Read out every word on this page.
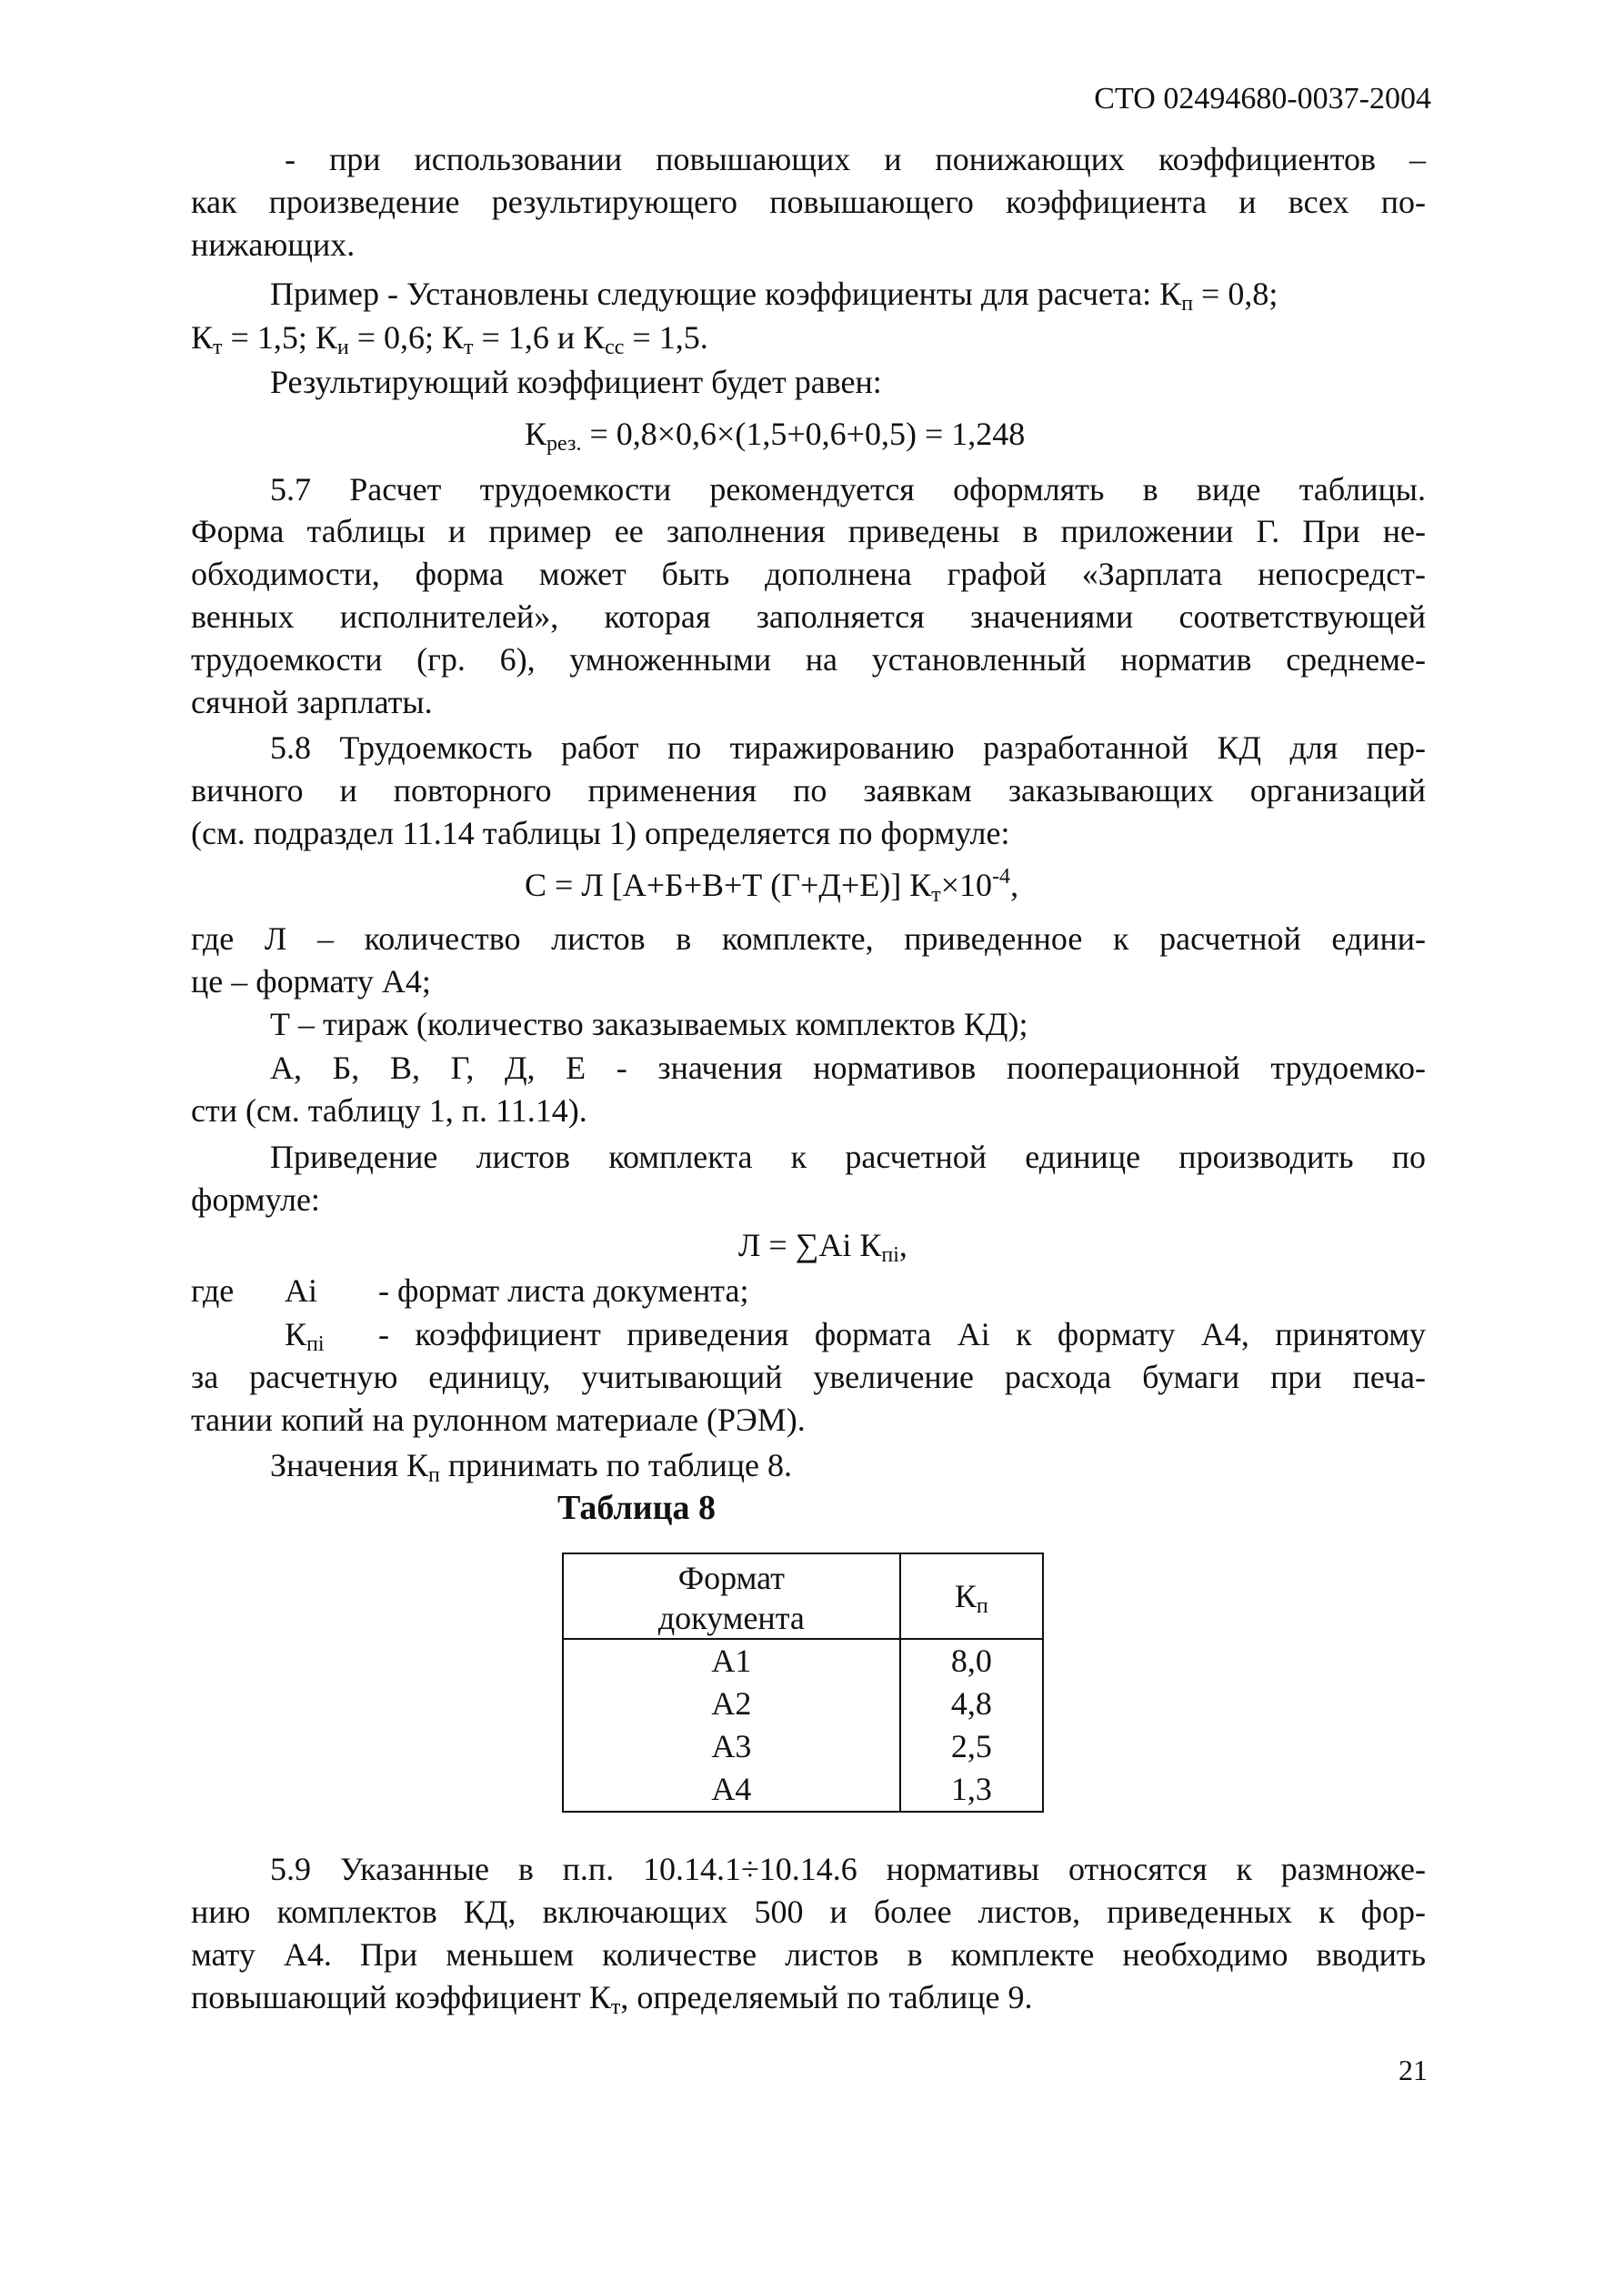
СТО 02494680-0037-2004
- при использовании повышающих и понижающих коэффициентов –
как произведение результирующего повышающего коэффициента и всех по-
нижающих.
Пример - Установлены следующие коэффициенты для расчета: $К_п = 0,8$;
$К_т = 1,5$; $К_и = 0,6$; $К_т = 1,6$ и $К_{сс} = 1,5$.
Результирующий коэффициент будет равен:
$К_{рез.} = 0,8\times 0,6\times(1,5+0,6+0,5) = 1,248$
5.7 Расчет трудоемкости рекомендуется оформлять в виде таблицы.
Форма таблицы и пример ее заполнения приведены в приложении Г. При не-
обходимости, форма может быть дополнена графой «Зарплата непосредст-
венных исполнителей», которая заполняется значениями соответствующей
трудоемкости (гр. 6), умноженными на установленный норматив среднеме-
сячной зарплаты.
5.8 Трудоемкость работ по тиражированию разработанной КД для пер-
вичного и повторного применения по заявкам заказывающих организаций
(см. подраздел 11.14 таблицы 1) определяется по формуле:
С = Л [А+Б+В+Т (Г+Д+Е)] $К_т\times 10^{-4}$,
где Л – количество листов в комплекте, приведенное к расчетной едини-
це – формату А4;
Т – тираж (количество заказываемых комплектов КД);
А, Б, В, Г, Д, Е - значения нормативов пооперационной трудоемко-
сти (см. таблицу 1, п. 11.14).
Приведение листов комплекта к расчетной единице производить по
формуле:
Л = ∑Аi $К_{пi}$,
где Аi - формат листа документа;
$К_{пi}$ - коэффициент приведения формата Аi к формату А4, принятому
за расчетную единицу, учитывающий увеличение расхода бумаги при печа-
тании копий на рулонном материале (РЭМ).
Значения $К_п$ принимать по таблице 8.
Таблица 8
Формат
документа	$К_п$
А1	8,0
А2	4,8
А3	2,5
А4	1,3
5.9 Указанные в п.п. 10.14.1÷10.14.6 нормативы относятся к размноже-
нию комплектов КД, включающих 500 и более листов, приведенных к фор-
мату А4. При меньшем количестве листов в комплекте необходимо вводить
повышающий коэффициент $К_т$, определяемый по таблице 9.
21
